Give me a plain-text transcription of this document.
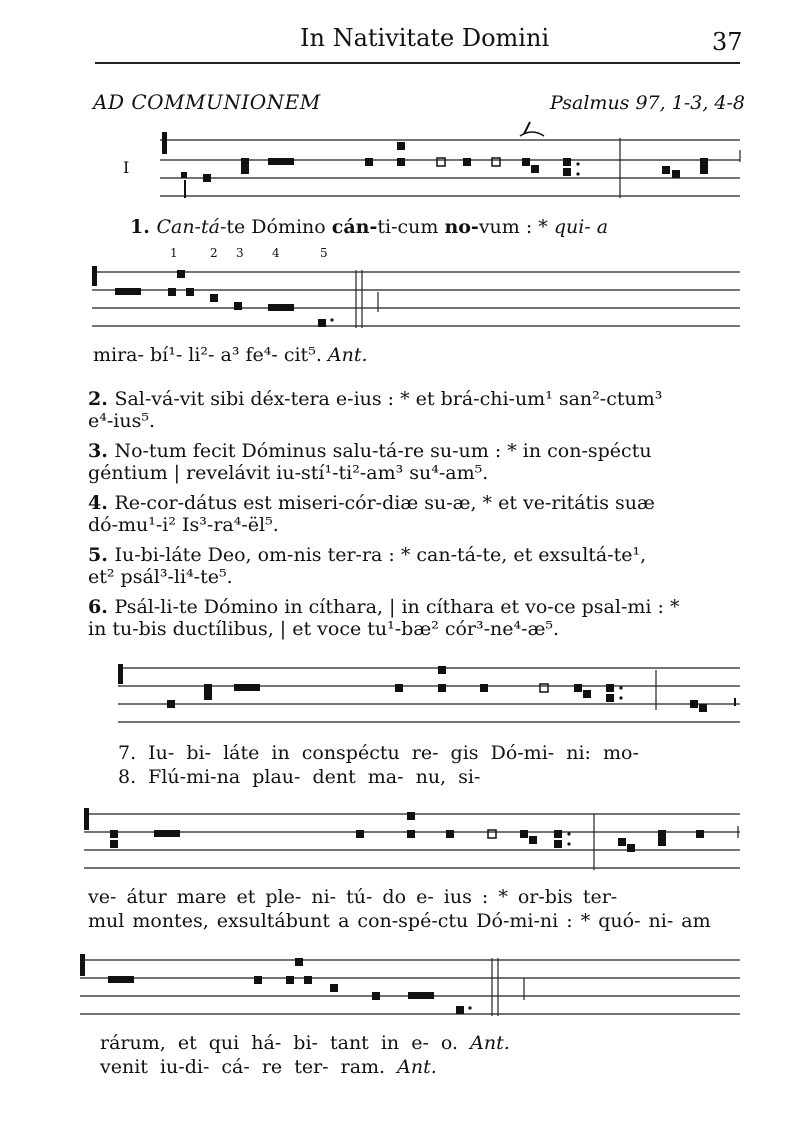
In Nativitate Domini	37
AD COMMUNIONEM	Psalmus 97, 1-3, 4-8
I
1. Can-tá-te Dómino cán-ti-cum no-vum : * qui- a
1	2 3 4	5
mira- bí¹- li²- a³ fe⁴- cit⁵. Ant.
2. Sal-vá-vit sibi déx-tera e-ius : * et brá-chi-um¹ san²-ctum³
e⁴-ius⁵.
3. No-tum fecit Dóminus salu-tá-re su-um : * in con-spéctu
géntium | revelávit iu-stí¹-ti²-am³ su⁴-am⁵.
4. Re-cor-dátus est miseri-cór-diæ su-æ, * et ve-ritátis suæ
dó-mu¹-i² Is³-ra⁴-ël⁵.
5. Iu-bi-láte Deo, om-nis ter-ra : * can-tá-te, et exsultá-te¹,
et² psál³-li⁴-te⁵.
6. Psál-li-te Dómino in cíthara, | in cíthara et vo-ce psal-mi : *
in tu-bis ductílibus, | et voce tu¹-bæ² cór³-ne⁴-æ⁵.
7. Iu- bi- láte in conspéctu re- gis Dó-mi- ni: mo-
8. Flú-mi-na plau- dent ma- nu, si-
ve- átur mare et ple- ni- tú- do e- ius : * or-bis ter-
mul montes, exsultábunt a con-spé-ctu Dó-mi-ni : * quó- ni- am
rárum, et qui há- bi- tant in e- o. Ant.
venit iu-di- cá- re ter- ram. Ant.
